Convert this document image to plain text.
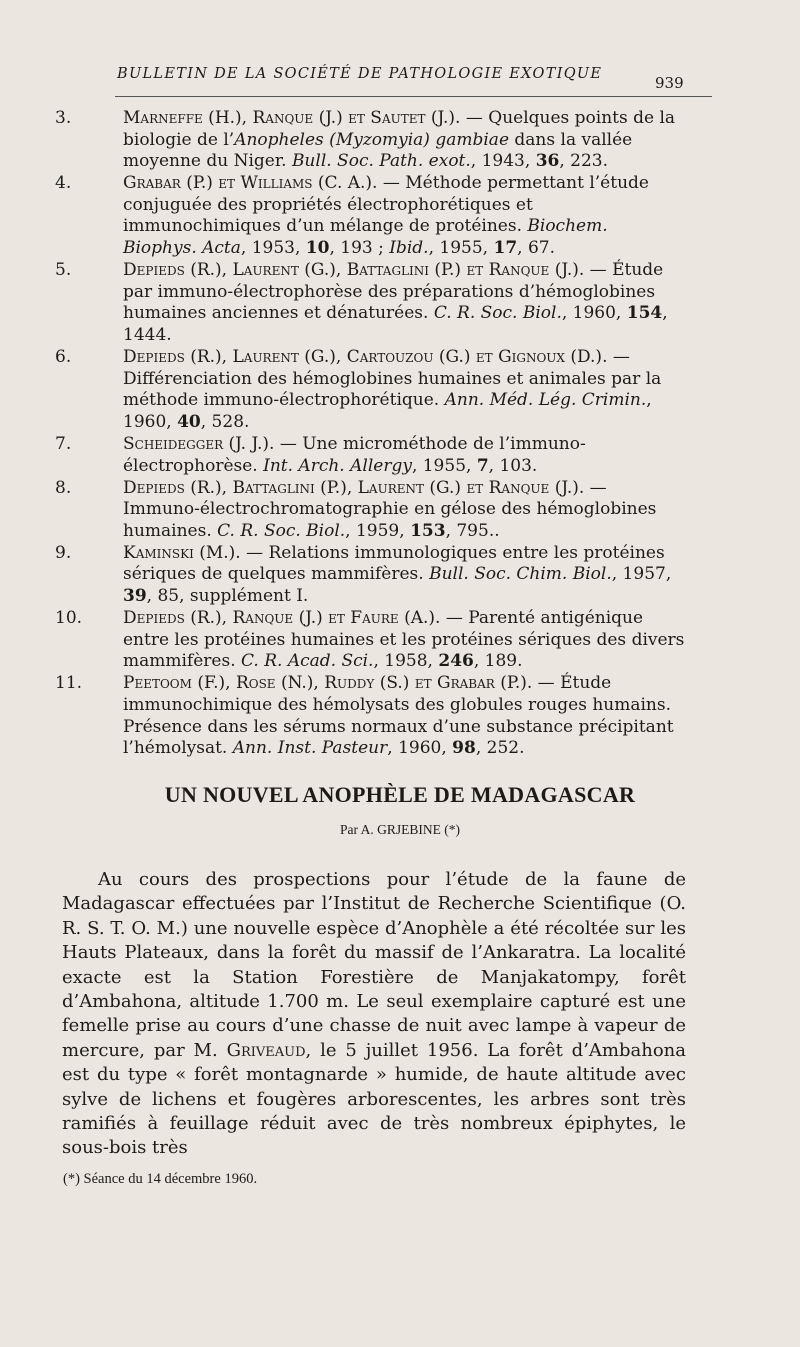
BULLETIN DE LA SOCIÉTÉ DE PATHOLOGIE EXOTIQUE	939
3.	Marneffe (H.), Ranque (J.) et Sautet (J.). — Quelques points de la biologie de l’Anopheles (Myzomyia) gambiae dans la vallée moyenne du Niger. Bull. Soc. Path. exot., 1943, 36, 223.
4.	Grabar (P.) et Williams (C. A.). — Méthode permettant l’étude conjuguée des propriétés électrophorétiques et immunochimiques d’un mélange de protéines. Biochem. Biophys. Acta, 1953, 10, 193 ; Ibid., 1955, 17, 67.
5.	Depieds (R.), Laurent (G.), Battaglini (P.) et Ranque (J.). — Étude par immuno-électrophorèse des préparations d’hémoglobines humaines anciennes et dénaturées. C. R. Soc. Biol., 1960, 154, 1444.
6.	Depieds (R.), Laurent (G.), Cartouzou (G.) et Gignoux (D.). — Différenciation des hémoglobines humaines et animales par la méthode immuno-électrophorétique. Ann. Méd. Lég. Crimin., 1960, 40, 528.
7.	Scheidegger (J. J.). — Une microméthode de l’immuno-électrophorèse. Int. Arch. Allergy, 1955, 7, 103.
8.	Depieds (R.), Battaglini (P.), Laurent (G.) et Ranque (J.). — Immuno-électrochromatographie en gélose des hémoglobines humaines. C. R. Soc. Biol., 1959, 153, 795..
9.	Kaminski (M.). — Relations immunologiques entre les protéines sériques de quelques mammifères. Bull. Soc. Chim. Biol., 1957, 39, 85, supplément I.
10. Depieds (R.), Ranque (J.) et Faure (A.). — Parenté antigénique entre les protéines humaines et les protéines sériques des divers mammifères. C. R. Acad. Sci., 1958, 246, 189.
11. Peetoom (F.), Rose (N.), Ruddy (S.) et Grabar (P.). — Étude immunochimique des hémolysats des globules rouges humains. Présence dans les sérums normaux d’une substance précipitant l’hémolysat. Ann. Inst. Pasteur, 1960, 98, 252.
UN NOUVEL ANOPHÈLE DE MADAGASCAR
Par A. GRJEBINE (*)

Au cours des prospections pour l’étude de la faune de Madagascar effectuées par l’Institut de Recherche Scientifique (O. R. S. T. O. M.) une nouvelle espèce d’Anophèle a été récoltée sur les Hauts Plateaux, dans la forêt du massif de l’Ankaratra. La localité exacte est la Station Forestière de Manjakatompy, forêt d’Ambahona, altitude 1.700 m. Le seul exemplaire capturé est une femelle prise au cours d’une chasse de nuit avec lampe à vapeur de mercure, par M. Griveaud, le 5 juillet 1956. La forêt d’Ambahona est du type « forêt montagnarde » humide, de haute altitude avec sylve de lichens et fougères arborescentes, les arbres sont très ramifiés à feuillage réduit avec de très nombreux épiphytes, le sous-bois très

(*) Séance du 14 décembre 1960.
